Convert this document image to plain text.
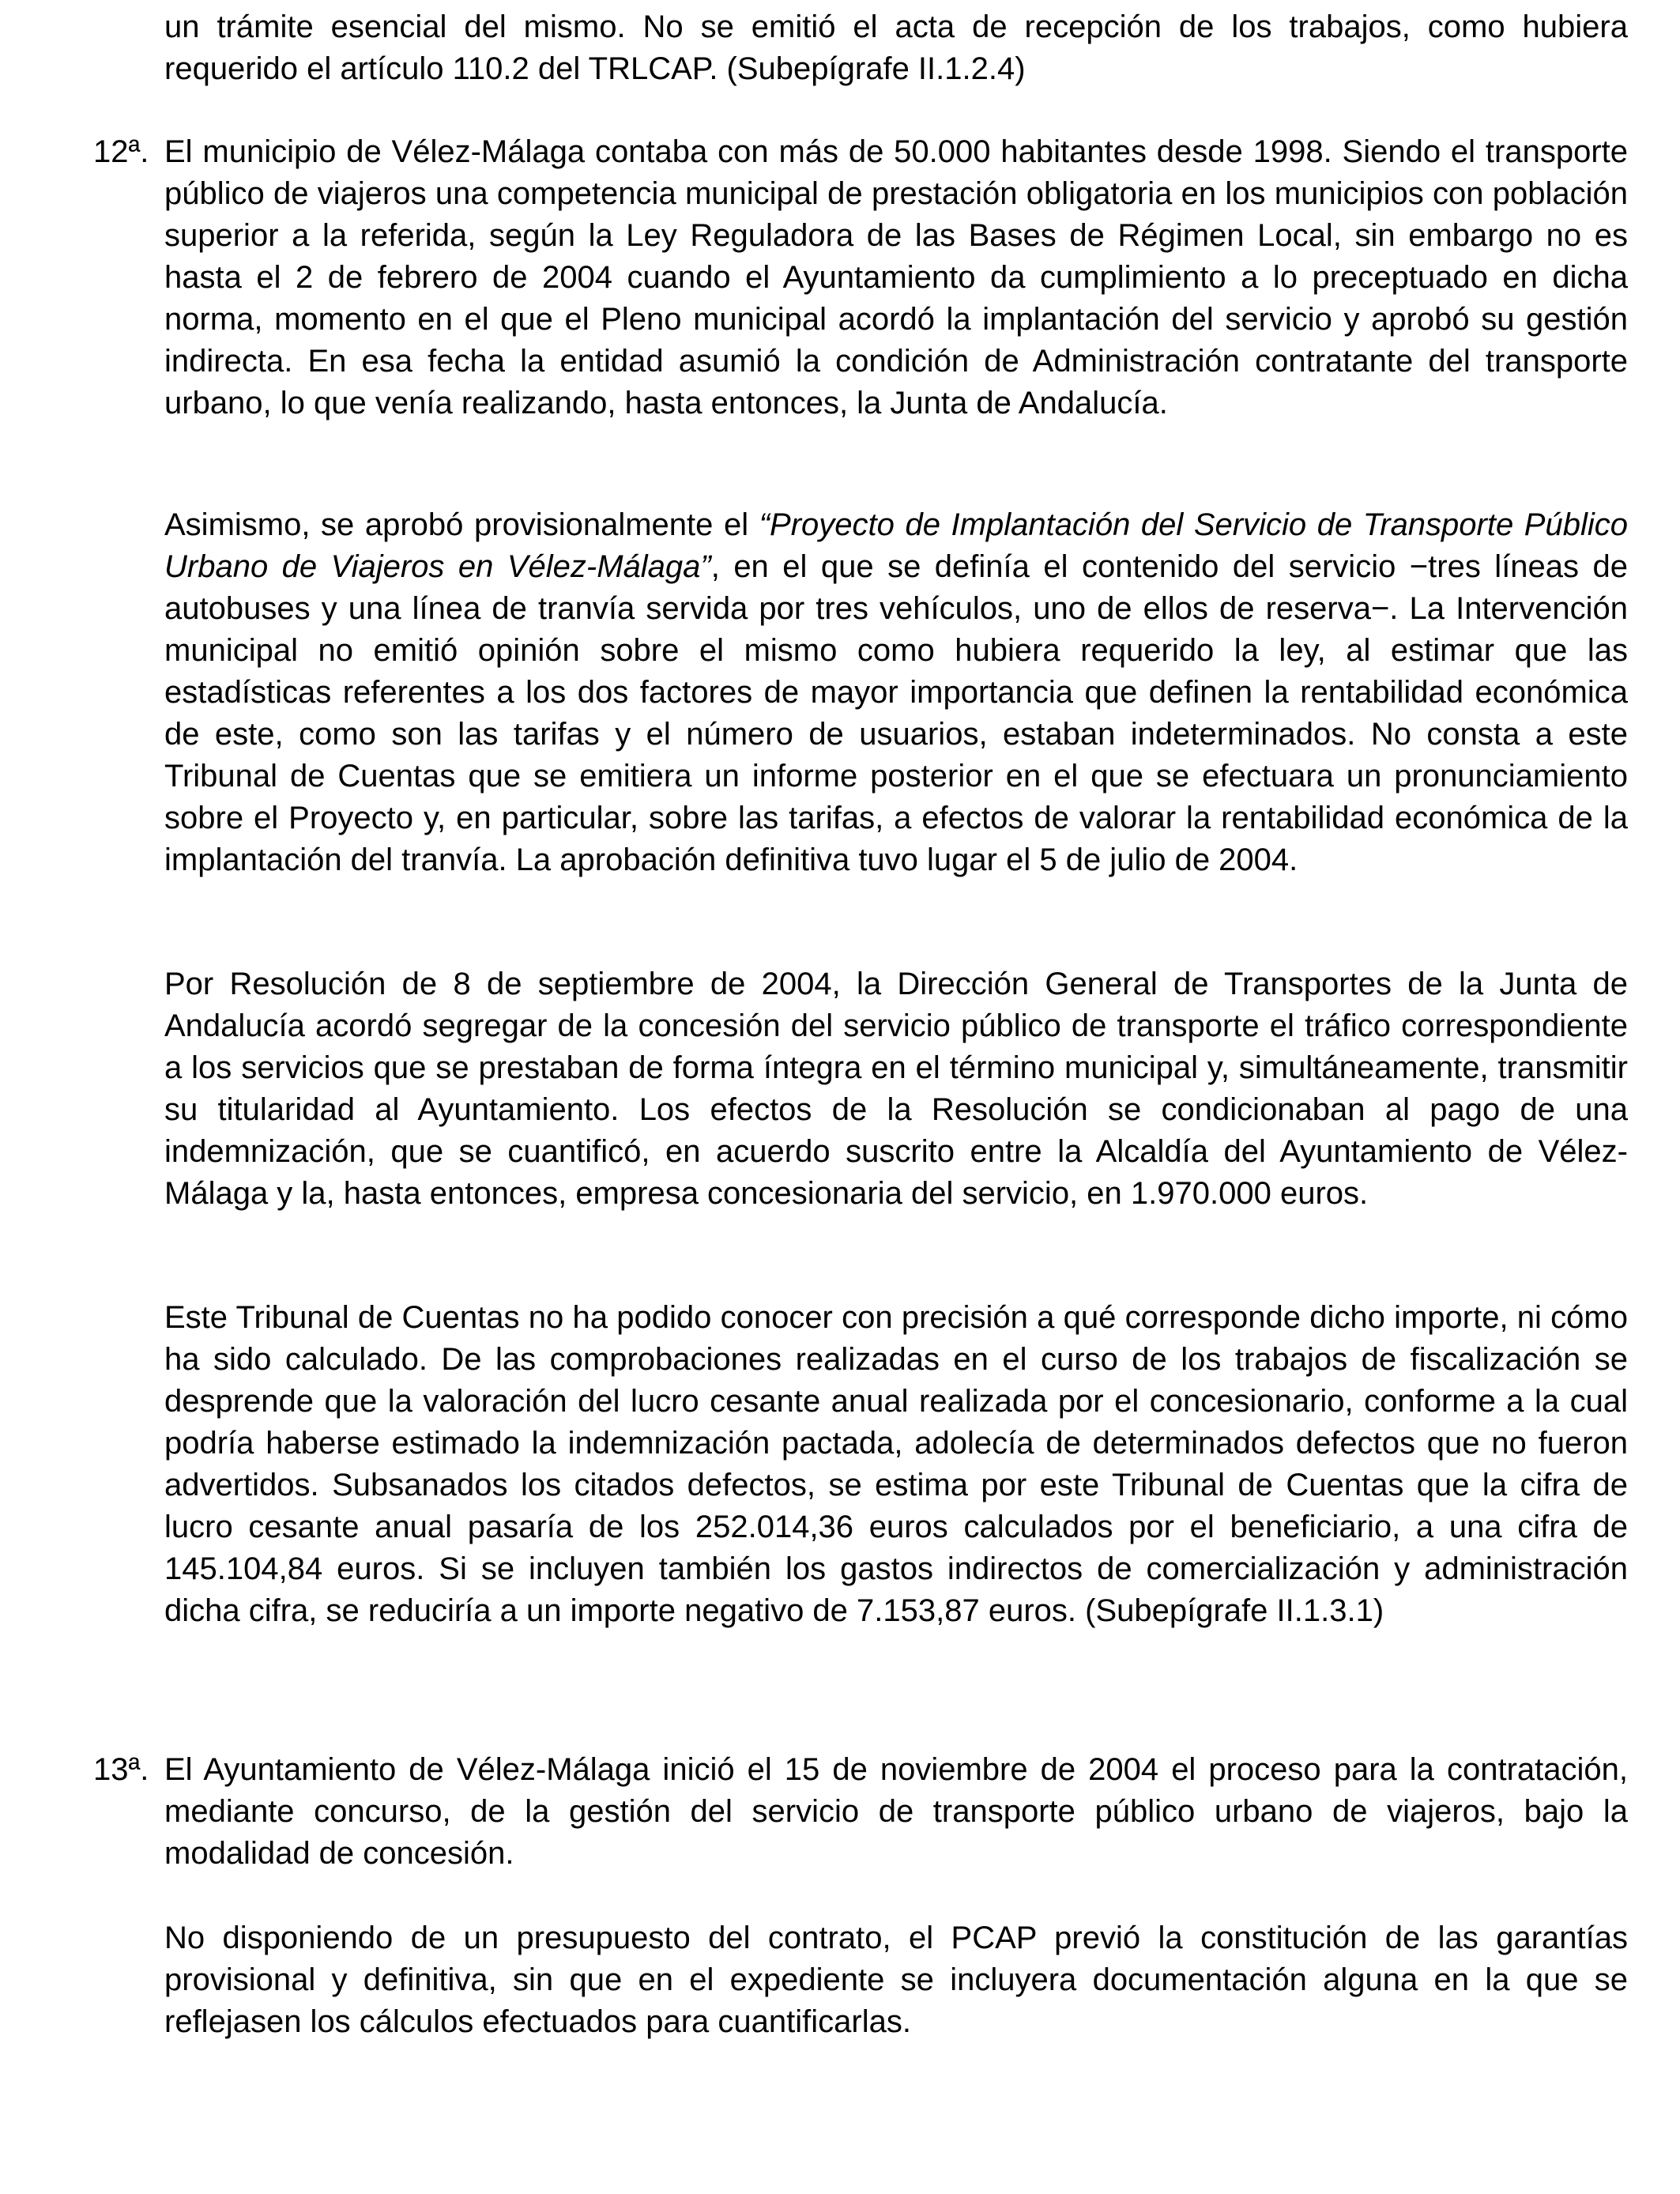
un trámite esencial del mismo. No se emitió el acta de recepción de los trabajos, como hubiera requerido el artículo 110.2 del TRLCAP. (Subepígrafe II.1.2.4)

12ª. El municipio de Vélez-Málaga contaba con más de 50.000 habitantes desde 1998. Siendo el transporte público de viajeros una competencia municipal de prestación obligatoria en los municipios con población superior a la referida, según la Ley Reguladora de las Bases de Régimen Local, sin embargo no es hasta el 2 de febrero de 2004 cuando el Ayuntamiento da cumplimiento a lo preceptuado en dicha norma, momento en el que el Pleno municipal acordó la implantación del servicio y aprobó su gestión indirecta. En esa fecha la entidad asumió la condición de Administración contratante del transporte urbano, lo que venía realizando, hasta entonces, la Junta de Andalucía.

Asimismo, se aprobó provisionalmente el “Proyecto de Implantación del Servicio de Transporte Público Urbano de Viajeros en Vélez-Málaga”, en el que se definía el contenido del servicio −tres líneas de autobuses y una línea de tranvía servida por tres vehículos, uno de ellos de reserva−. La Intervención municipal no emitió opinión sobre el mismo como hubiera requerido la ley, al estimar que las estadísticas referentes a los dos factores de mayor importancia que definen la rentabilidad económica de este, como son las tarifas y el número de usuarios, estaban indeterminados. No consta a este Tribunal de Cuentas que se emitiera un informe posterior en el que se efectuara un pronunciamiento sobre el Proyecto y, en particular, sobre las tarifas, a efectos de valorar la rentabilidad económica de la implantación del tranvía. La aprobación definitiva tuvo lugar el 5 de julio de 2004.

Por Resolución de 8 de septiembre de 2004, la Dirección General de Transportes de la Junta de Andalucía acordó segregar de la concesión del servicio público de transporte el tráfico correspondiente a los servicios que se prestaban de forma íntegra en el término municipal y, simultáneamente, transmitir su titularidad al Ayuntamiento. Los efectos de la Resolución se condicionaban al pago de una indemnización, que se cuantificó, en acuerdo suscrito entre la Alcaldía del Ayuntamiento de Vélez-Málaga y la, hasta entonces, empresa concesionaria del servicio, en 1.970.000 euros.

Este Tribunal de Cuentas no ha podido conocer con precisión a qué corresponde dicho importe, ni cómo ha sido calculado. De las comprobaciones realizadas en el curso de los trabajos de fiscalización se desprende que la valoración del lucro cesante anual realizada por el concesionario, conforme a la cual podría haberse estimado la indemnización pactada, adolecía de determinados defectos que no fueron advertidos. Subsanados los citados defectos, se estima por este Tribunal de Cuentas que la cifra de lucro cesante anual pasaría de los 252.014,36 euros calculados por el beneficiario, a una cifra de 145.104,84 euros. Si se incluyen también los gastos indirectos de comercialización y administración dicha cifra, se reduciría a un importe negativo de 7.153,87 euros. (Subepígrafe II.1.3.1)

13ª. El Ayuntamiento de Vélez-Málaga inició el 15 de noviembre de 2004 el proceso para la contratación, mediante concurso, de la gestión del servicio de transporte público urbano de viajeros, bajo la modalidad de concesión.

No disponiendo de un presupuesto del contrato, el PCAP previó la constitución de las garantías provisional y definitiva, sin que en el expediente se incluyera documentación alguna en la que se reflejasen los cálculos efectuados para cuantificarlas.
